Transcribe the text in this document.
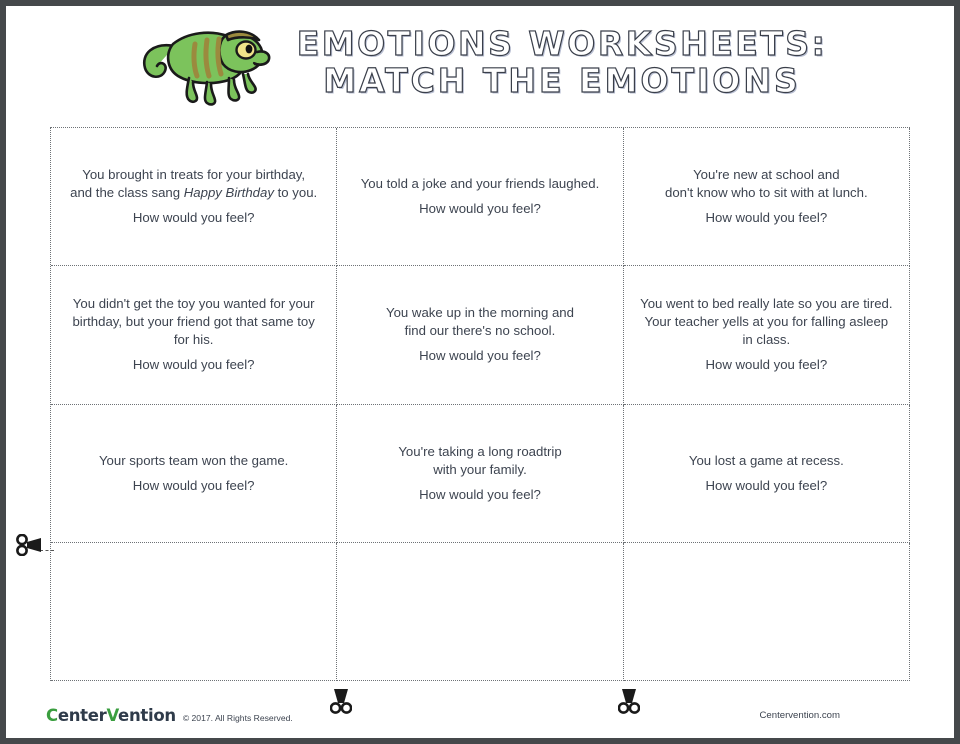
EMOTIONS WORKSHEETS:
MATCH THE EMOTIONS
You brought in treats for your birthday,
and the class sang Happy Birthday to you.
How would you feel?
You told a joke and your friends laughed.
How would you feel?
You're new at school and
don't know who to sit with at lunch.
How would you feel?
You didn't get the toy you wanted for your birthday, but your friend got that same toy for his.
How would you feel?
You wake up in the morning and
find our there's no school.
How would you feel?
You went to bed really late so you are tired. Your teacher yells at you for falling asleep in class.
How would you feel?
Your sports team won the game.
How would you feel?
You're taking a long roadtrip
with your family.
How would you feel?
You lost a game at recess.
How would you feel?
CenterVention © 2017. All Rights Reserved.	Centervention.com
